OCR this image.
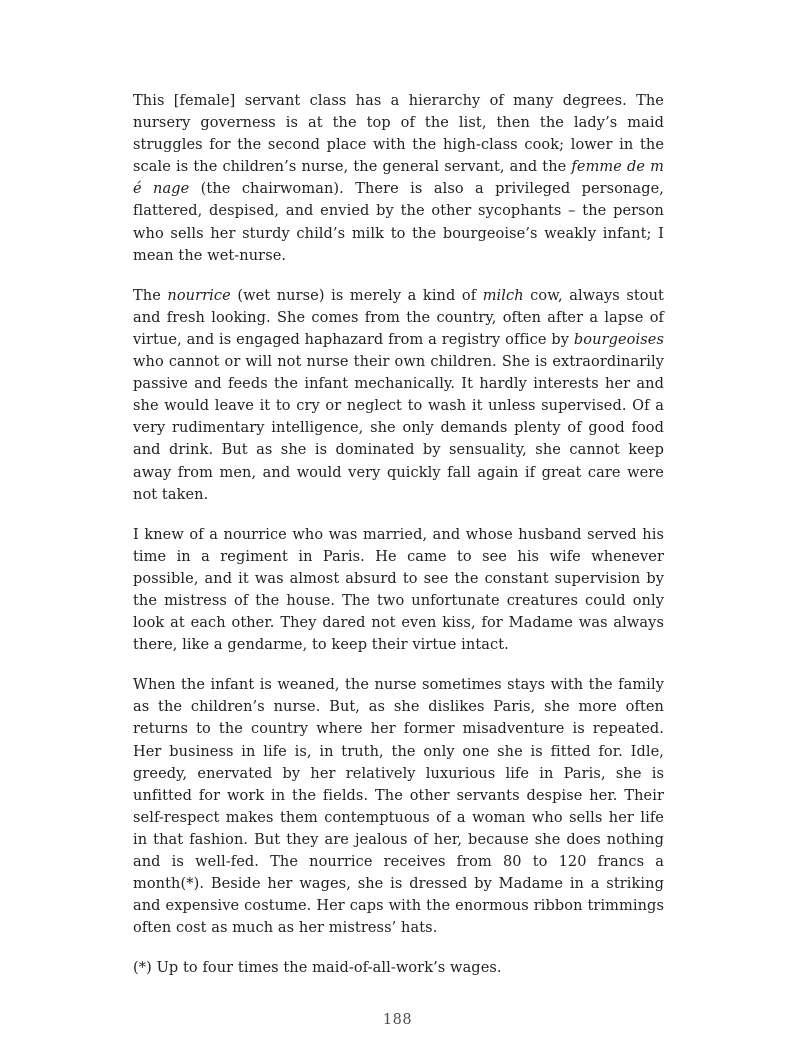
This [female] servant class has a hierarchy of many degrees. The nursery governess is at the top of the list, then the lady’s maid struggles for the second place with the high-class cook; lower in the scale is the children’s nurse, the general servant, and the femme de m é nage (the chairwoman). There is also a privileged personage, flattered, despised, and envied by the other sycophants – the person who sells her sturdy child’s milk to the bourgeoise’s weakly infant; I mean the wet-nurse.

The nourrice (wet nurse) is merely a kind of milch cow, always stout and fresh looking. She comes from the country, often after a lapse of virtue, and is engaged haphazard from a registry office by bourgeoises who cannot or will not nurse their own children. She is extraordinarily passive and feeds the infant mechanically. It hardly interests her and she would leave it to cry or neglect to wash it unless supervised. Of a very rudimentary intelligence, she only demands plenty of good food and drink. But as she is dominated by sensuality, she cannot keep away from men, and would very quickly fall again if great care were not taken.

I knew of a nourrice who was married, and whose husband served his time in a regiment in Paris. He came to see his wife whenever possible, and it was almost absurd to see the constant supervision by the mistress of the house. The two unfortunate creatures could only look at each other. They dared not even kiss, for Madame was always there, like a gendarme, to keep their virtue intact.

When the infant is weaned, the nurse sometimes stays with the family as the children’s nurse. But, as she dislikes Paris, she more often returns to the country where her former misadventure is repeated. Her business in life is, in truth, the only one she is fitted for. Idle, greedy, enervated by her relatively luxurious life in Paris, she is unfitted for work in the fields. The other servants despise her. Their self-respect makes them contemptuous of a woman who sells her life in that fashion. But they are jealous of her, because she does nothing and is well-fed. The nourrice receives from 80 to 120 francs a month(*). Beside her wages, she is dressed by Madame in a striking and expensive costume. Her caps with the enormous ribbon trimmings often cost as much as her mistress’ hats.

(*) Up to four times the maid-of-all-work’s wages.

188
